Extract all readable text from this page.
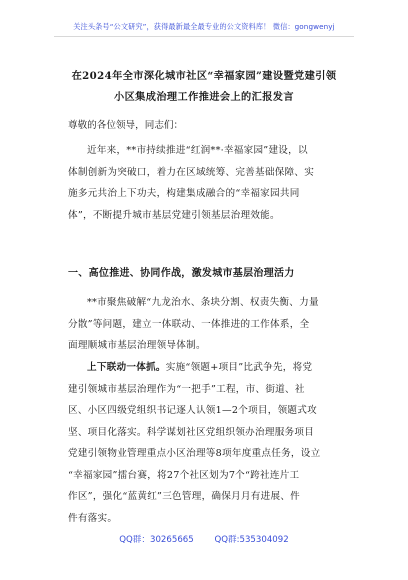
关注头条号“公文研究”，获得最新最全最专业的公文资料库！ 微信：gongwenyj
在2024年全市深化城市社区“幸福家园”建设暨党建引领
小区集成治理工作推进会上的汇报发言
尊敬的各位领导，同志们：
近年来，**市持续推进“红润**·幸福家园”建设，以
体制创新为突破口，着力在区域统筹、完善基础保障、实
施多元共治上下功夫，构建集成融合的“幸福家园共同
体”，不断提升城市基层党建引领基层治理效能。
一、高位推进、协同作战，激发城市基层治理活力
**市聚焦破解“九龙治水、条块分割、权责失衡、力量
分散”等问题，建立一体联动、一体推进的工作体系，全
面理顺城市基层治理领导体制。
上下联动一体抓。实施“领题+项目”比武争先，将党
建引领城市基层治理作为“一把手”工程，市、街道、社
区、小区四级党组织书记逐人认领1—2个项目，领题式攻
坚、项目化落实。科学谋划社区党组织领办治理服务项目
党建引领物业管理重点小区治理等8项年度重点任务，设立
“幸福家园”擂台赛，将27个社区划为7个“跨社连片工
作区”，强化“蓝黄红”三色管理，确保月月有进展、件
件有落实。
QQ群：30265665 QQ群:535304092
